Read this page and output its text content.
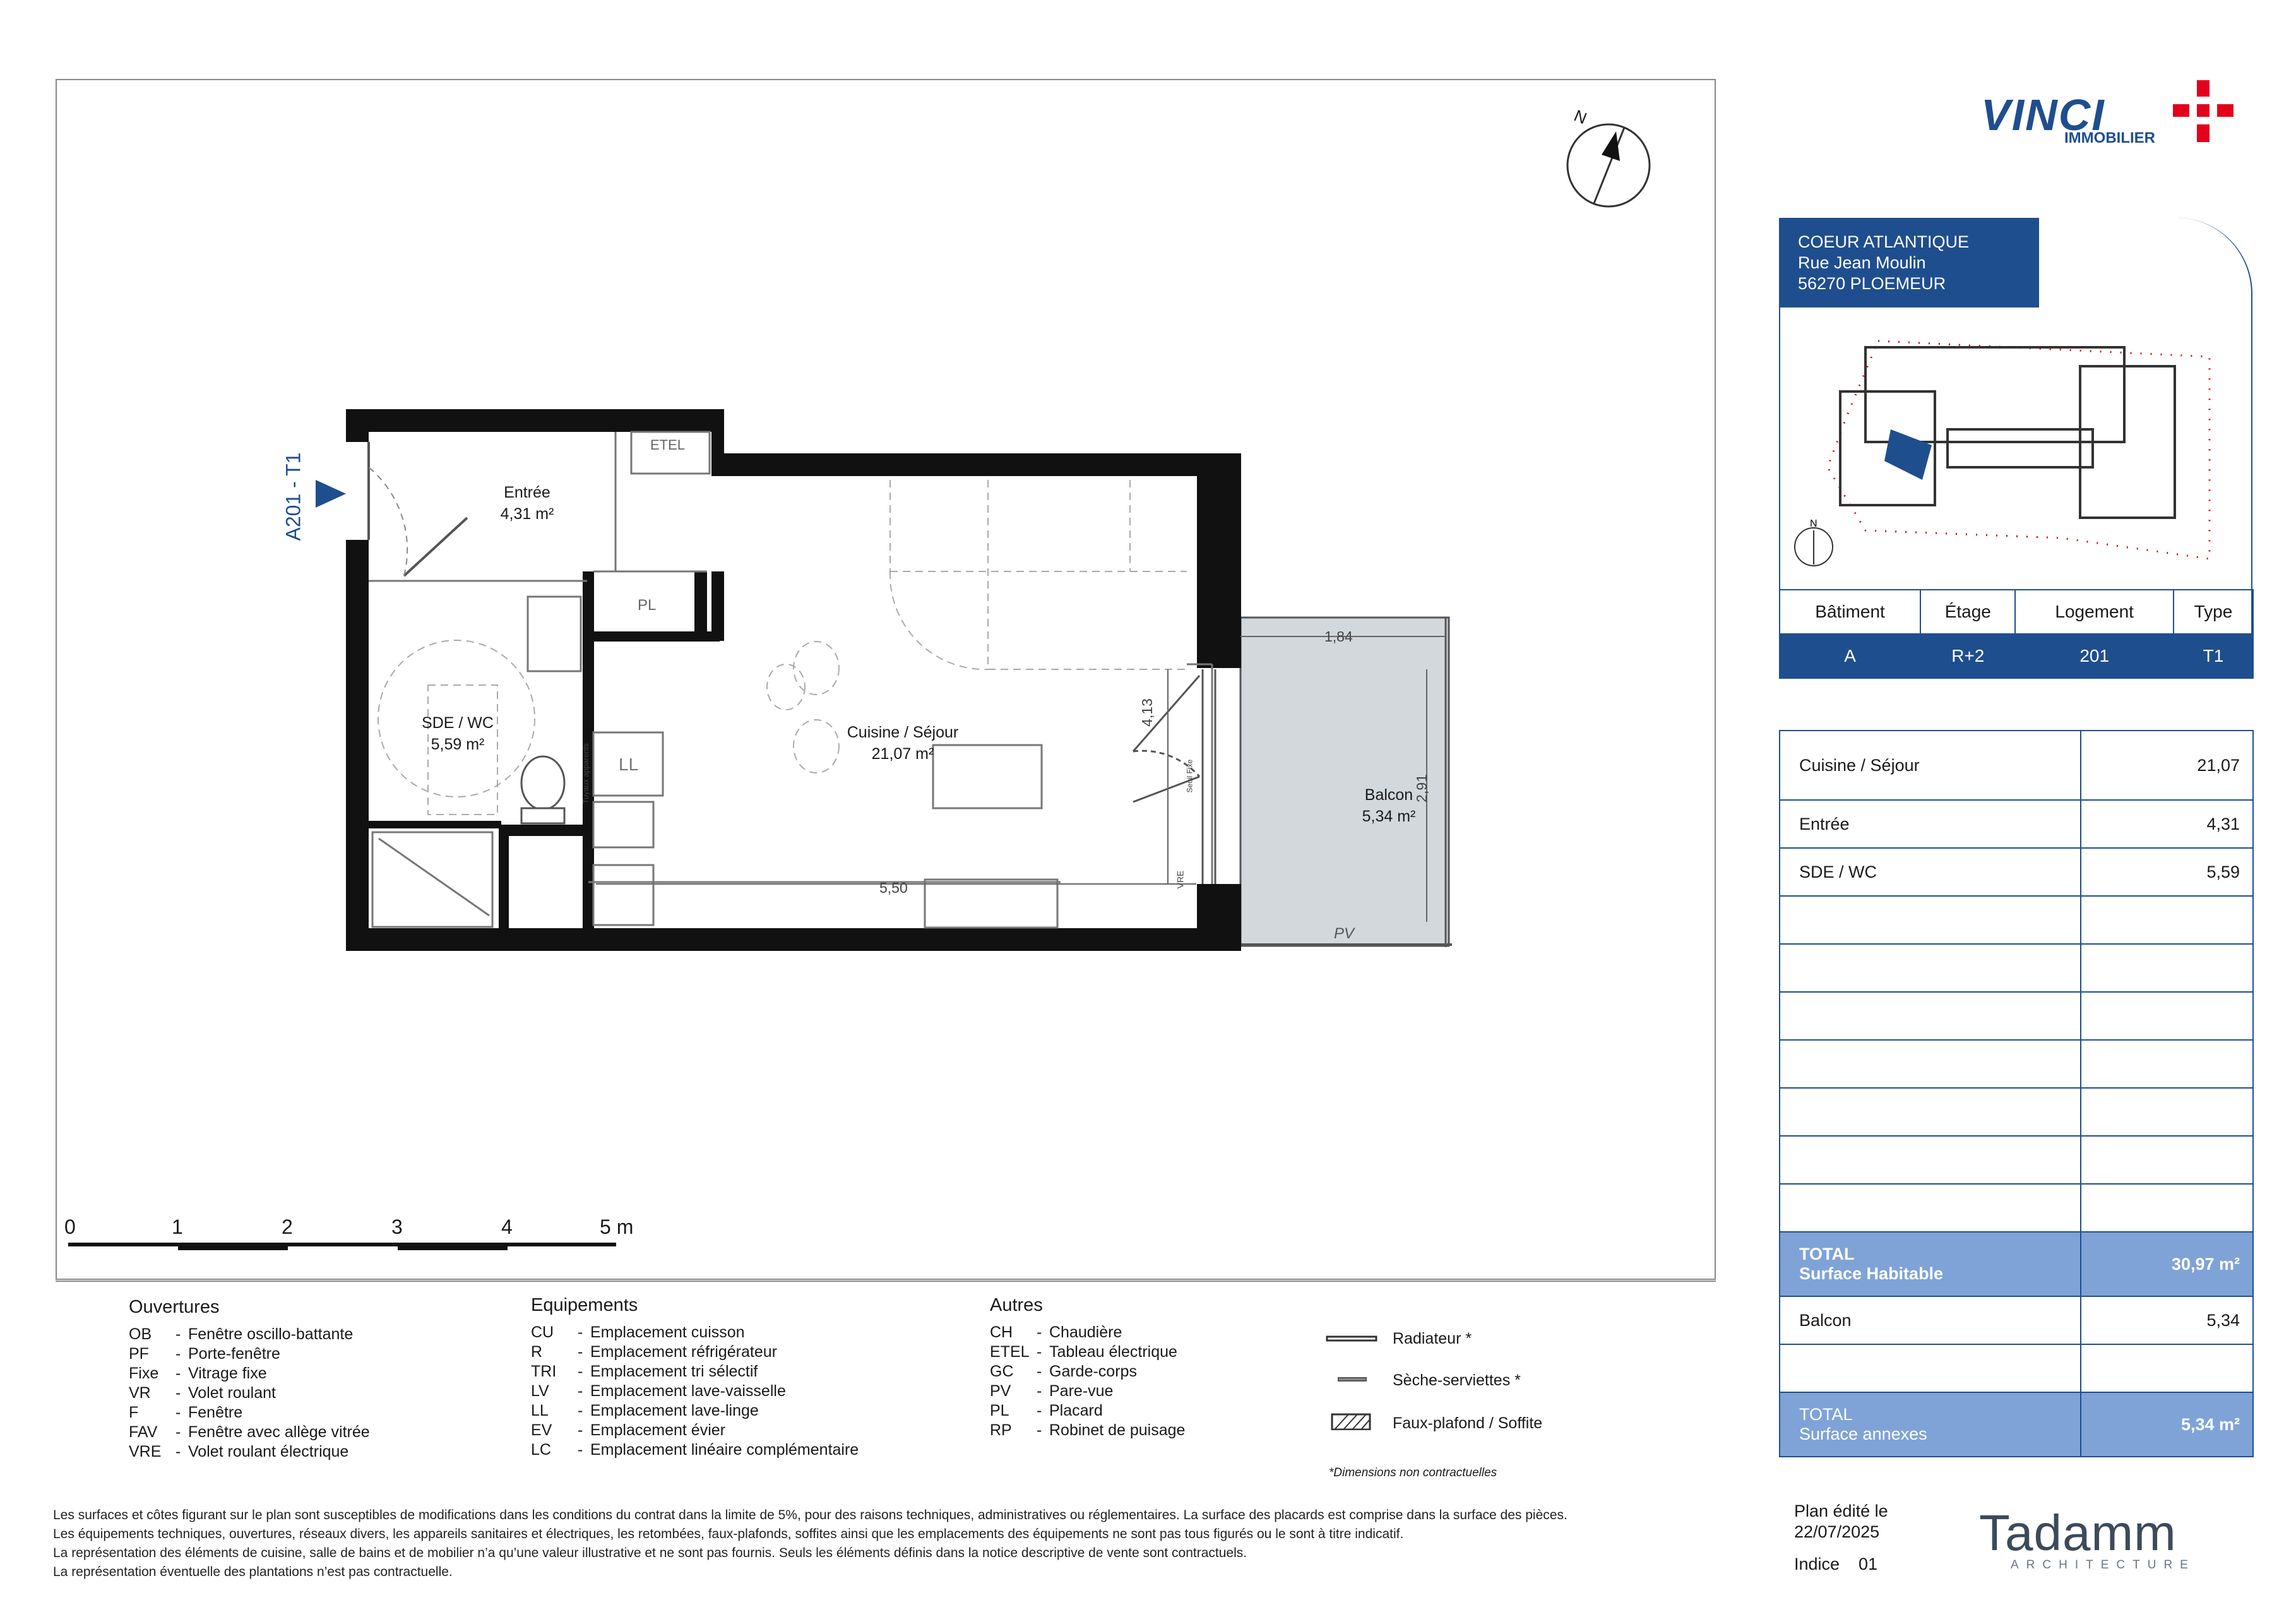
Entrée
4,31 m²
SDE / WC
5,59 m²
Cuisine / Séjour
21,07 m²
Balcon
5,34 m²
ETEL
PL
LL
PV
1,84
4,13
2,91
5,50	VRE
Tuyaux apparents	Seuil Fixe
A201 - T1
N
0	1	2	3	4	5 m
Ouvertures
OB	- Fenêtre oscillo-battante
PF	- Porte-fenêtre
Fixe	- Vitrage fixe
VR	- Volet roulant
F	- Fenêtre
FAV	- Fenêtre avec allège vitrée
VRE - Volet roulant électrique
Equipements
CU	- Emplacement cuisson
R	- Emplacement réfrigérateur
TRI	- Emplacement tri sélectif
LV	- Emplacement lave-vaisselle
LL	- Emplacement lave-linge
EV	- Emplacement évier
LC	- Emplacement linéaire complémentaire
Autres
CH	- Chaudière
ETEL - Tableau électrique
GC	- Garde-corps
PV	- Pare-vue
PL	- Placard
RP	- Robinet de puisage
Radiateur *
Sèche-serviettes *
Faux-plafond / Soffite
*Dimensions non contractuelles
VINCI
IMMOBILIER
COEUR ATLANTIQUE
Rue Jean Moulin
56270 PLOEMEUR
N
Bâtiment	Étage	Logement	Type
A	R+2	201	T1
Cuisine / Séjour	21,07
Entrée	4,31
SDE / WC	5,59

TOTAL
Surface Habitable	30,97 m²
Balcon	5,34

TOTAL
Surface annexes	5,34 m²
Les surfaces et côtes figurant sur le plan sont susceptibles de modifications dans les conditions du contrat dans la limite de 5%, pour des raisons techniques, administratives ou réglementaires. La surface des placards est comprise dans la surface des pièces.
Les équipements techniques, ouvertures, réseaux divers, les appareils sanitaires et électriques, les retombées, faux-plafonds, soffites ainsi que les emplacements des équipements ne sont pas tous figurés ou le sont à titre indicatif.
La représentation des éléments de cuisine, salle de bains et de mobilier n’a qu’une valeur illustrative et ne sont pas fournis. Seuls les éléments définis dans la notice descriptive de vente sont contractuels.
La représentation éventuelle des plantations n’est pas contractuelle.
Plan édité le
22/07/2025
Indice    01
Tadamm
ARCHITECTURE
